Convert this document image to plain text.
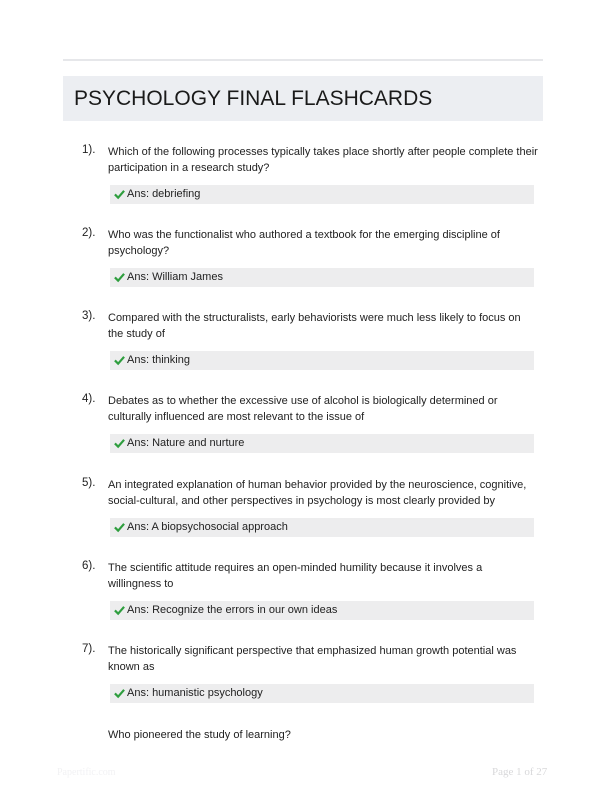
PSYCHOLOGY FINAL FLASHCARDS
1). Which of the following processes typically takes place shortly after people complete their participation in a research study?
Ans: debriefing
2). Who was the functionalist who authored a textbook for the emerging discipline of psychology?
Ans: William James
3). Compared with the structuralists, early behaviorists were much less likely to focus on the study of
Ans: thinking
4). Debates as to whether the excessive use of alcohol is biologically determined or culturally influenced are most relevant to the issue of
Ans: Nature and nurture
5). An integrated explanation of human behavior provided by the neuroscience, cognitive, social-cultural, and other perspectives in psychology is most clearly provided by
Ans: A biopsychosocial approach
6). The scientific attitude requires an open-minded humility because it involves a willingness to
Ans: Recognize the errors in our own ideas
7). The historically significant perspective that emphasized human growth potential was known as
Ans: humanistic psychology
Who pioneered the study of learning?
Papertific.com	Page 1 of 27
